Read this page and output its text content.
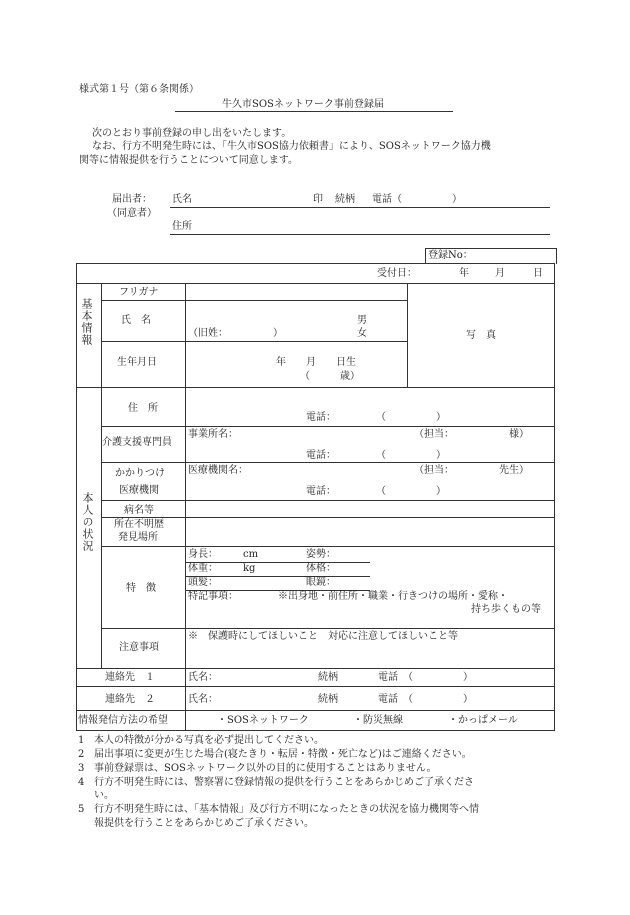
様式第１号（第６条関係）
牛久市SOSネットワーク事前登録届
次のとおり事前登録の申し出をいたします。
なお、行方不明発生時には、「牛久市SOS協力依頼書」により、SOSネットワーク協力機
関等に情報提供を行うことについて同意します。
届出者：
（同意者）
氏名	印 続柄 電話（　　　　　）
住所
登録No：
受付日：	年	月	日
基本情報
フリガナ
氏　名
（旧姓：　　　　　）
男
女	写　真
生年月日	年　　月　　日生
（　　　歳）
本人の状況
住　所
電話：　　　　　（　　　　　）
介護支援専門員
事業所名：	（担当：　　　　　　様）
電話：　　　　　（　　　　　）
かかりつけ
医療機関
医療機関名：	（担当：　　　　　先生）
電話：　　　　　（　　　　　）
病名等
所在不明歴
発見場所
特　徴
身長：　　　cm	姿勢：
体重：　　　kg	体格：
頭髪：	眼鏡：
特記事項：	※出身地・前住所・職業・行きつけの場所・愛称・
持ち歩くもの等
注意事項
※　保護時にしてほしいこと　対応に注意してほしいこと等
連絡先　１	氏名：	続柄	電話　（　　　　　）
連絡先　２	氏名：	続柄	電話　（　　　　　）
情報発信方法の希望	・SOSネットワーク	・防災無線	・かっぱメール
1 本人の特徴が分かる写真を必ず提出してください。
2 届出事項に変更が生じた場合(寝たきり・転居・特徴・死亡など)はご連絡ください。
3 事前登録票は、SOSネットワーク以外の目的に使用することはありません。
4 行方不明発生時には、警察署に登録情報の提供を行うことをあらかじめご了承くださ
い。
5 行方不明発生時には、「基本情報」及び行方不明になったときの状況を協力機関等へ情
報提供を行うことをあらかじめご了承ください。
